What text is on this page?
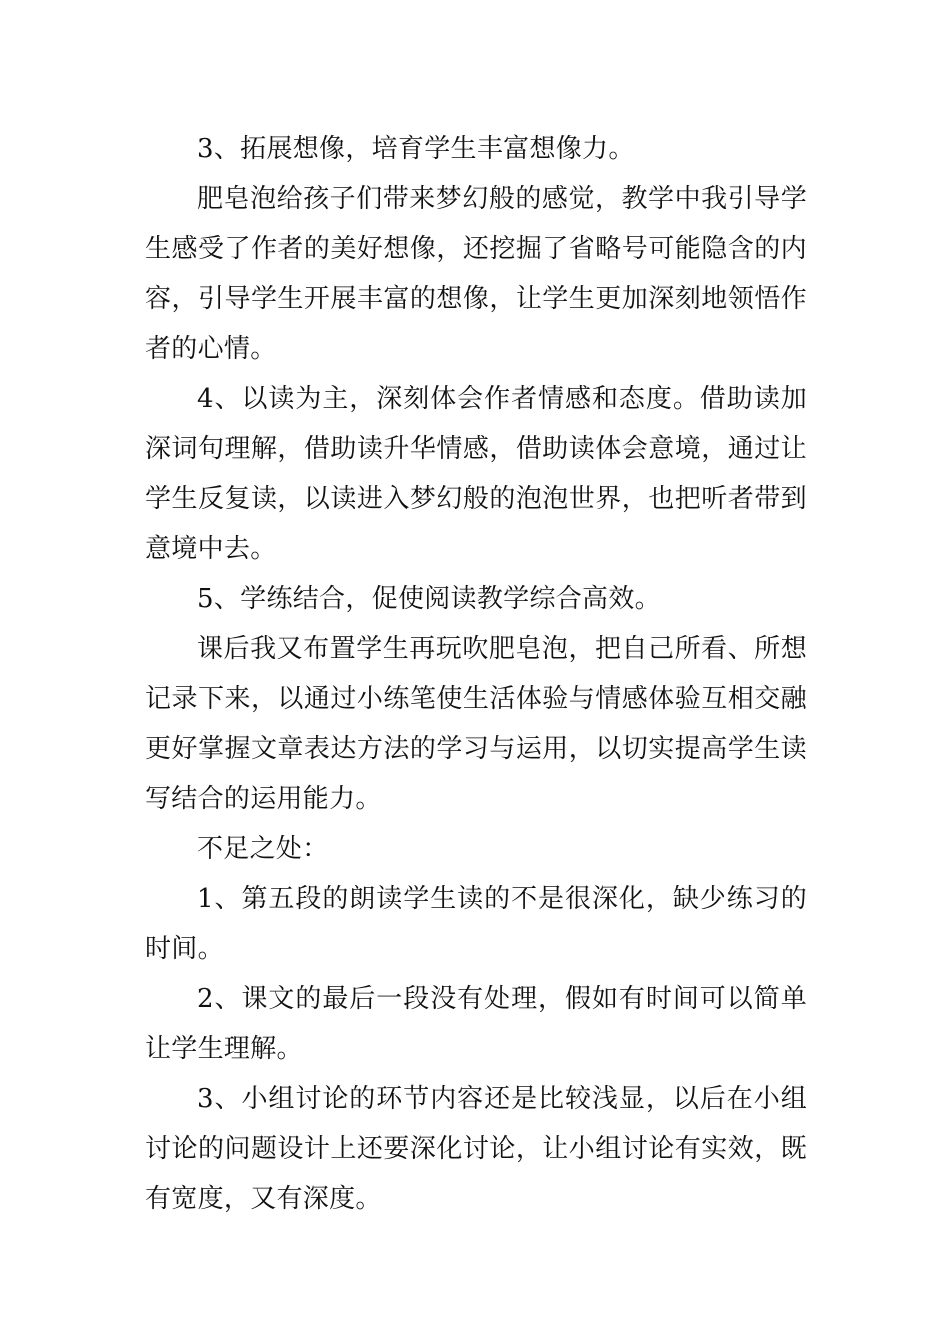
3、拓展想像，培育学生丰富想像力。

肥皂泡给孩子们带来梦幻般的感觉，教学中我引导学生感受了作者的美好想像，还挖掘了省略号可能隐含的内容，引导学生开展丰富的想像，让学生更加深刻地领悟作者的心情。

4、以读为主，深刻体会作者情感和态度。借助读加深词句理解，借助读升华情感，借助读体会意境，通过让学生反复读，以读进入梦幻般的泡泡世界，也把听者带到意境中去。

5、学练结合，促使阅读教学综合高效。

课后我又布置学生再玩吹肥皂泡，把自己所看、所想记录下来，以通过小练笔使生活体验与情感体验互相交融更好掌握文章表达方法的学习与运用，以切实提高学生读写结合的运用能力。

不足之处：

1、第五段的朗读学生读的不是很深化，缺少练习的时间。

2、课文的最后一段没有处理，假如有时间可以简单让学生理解。

3、小组讨论的环节内容还是比较浅显，以后在小组讨论的问题设计上还要深化讨论，让小组讨论有实效，既有宽度，又有深度。
